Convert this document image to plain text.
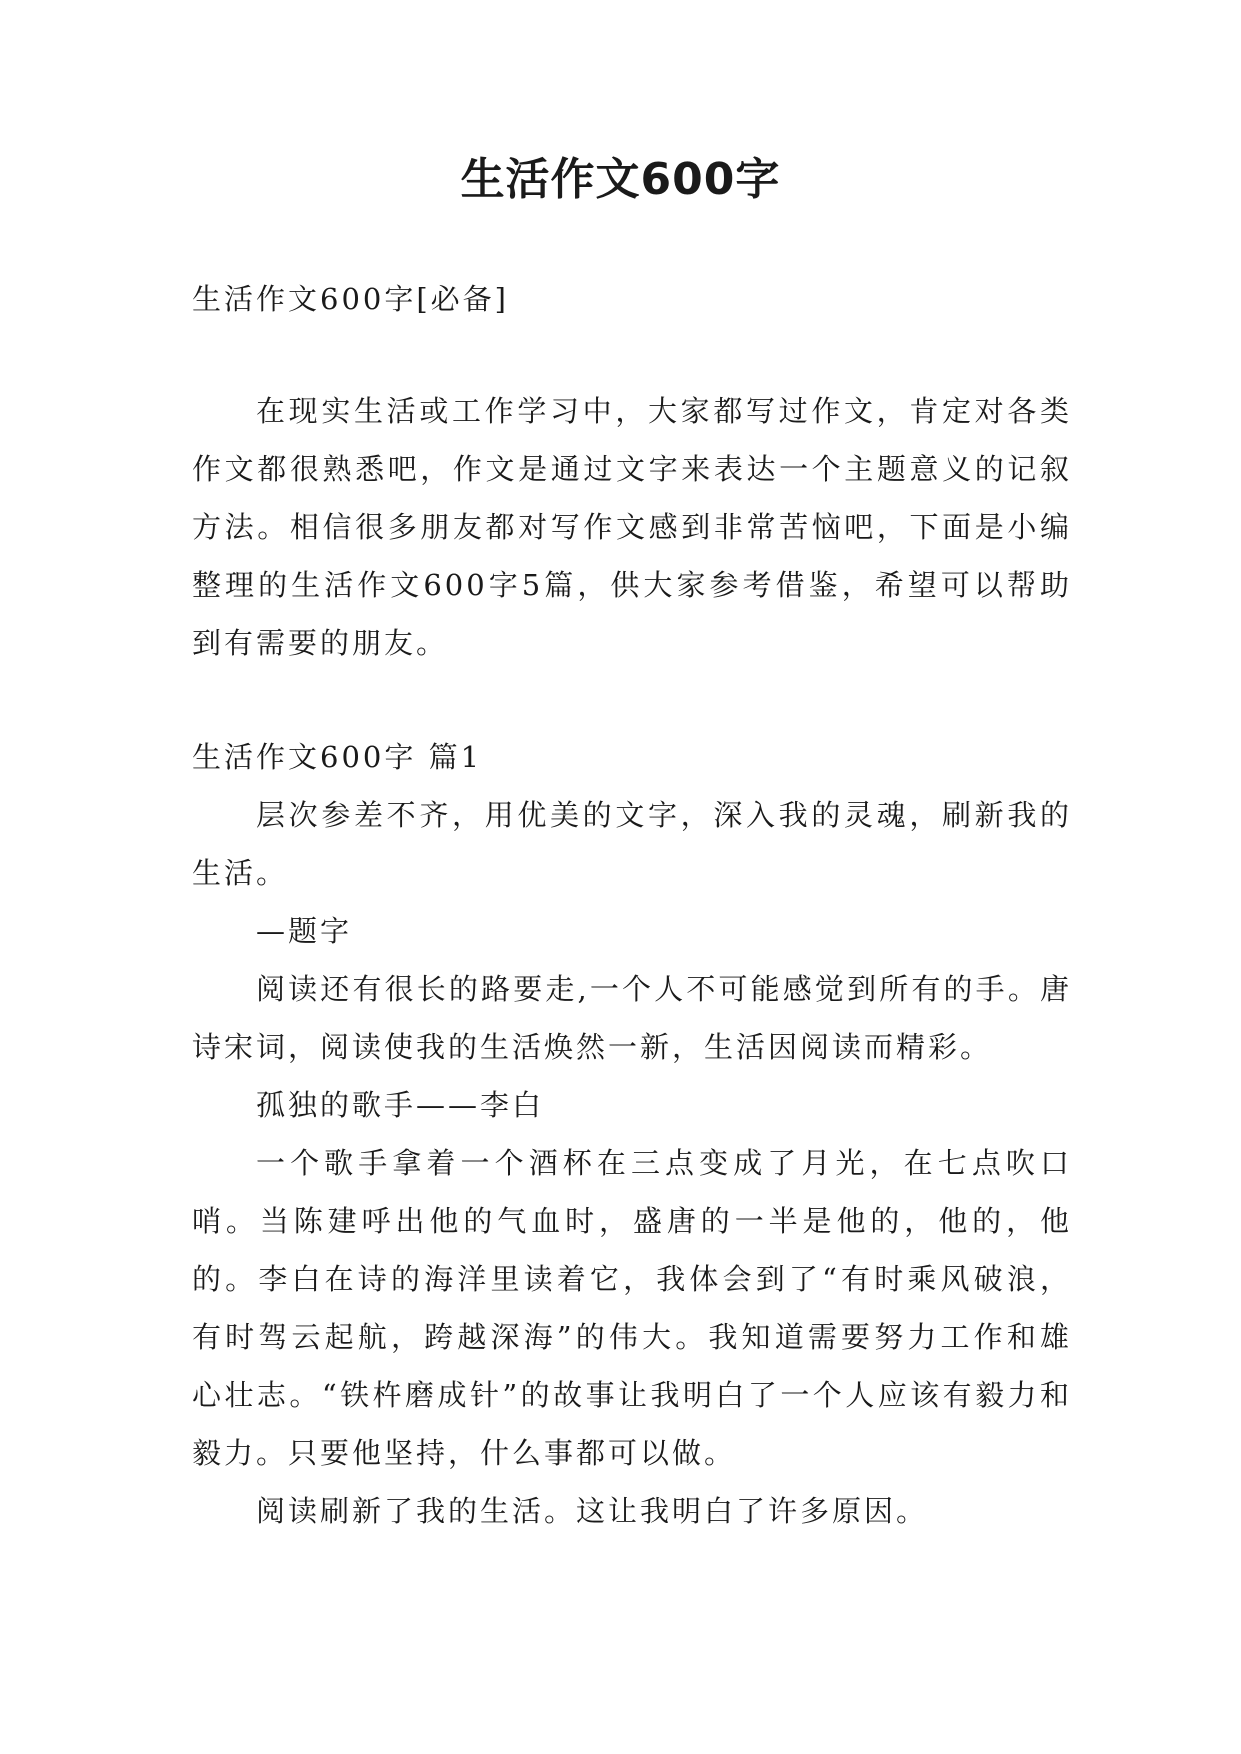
生活作文600字

生活作文600字[必备]

在现实生活或工作学习中，大家都写过作文，肯定对各类作文都很熟悉吧，作文是通过文字来表达一个主题意义的记叙方法。相信很多朋友都对写作文感到非常苦恼吧，下面是小编整理的生活作文600字5篇，供大家参考借鉴，希望可以帮助到有需要的朋友。

生活作文600字 篇1

层次参差不齐，用优美的文字，深入我的灵魂，刷新我的生活。

—题字

阅读还有很长的路要走,一个人不可能感觉到所有的手。唐诗宋词，阅读使我的生活焕然一新，生活因阅读而精彩。

孤独的歌手——李白

一个歌手拿着一个酒杯在三点变成了月光，在七点吹口哨。当陈建呼出他的气血时，盛唐的一半是他的，他的，他的。李白在诗的海洋里读着它，我体会到了“有时乘风破浪，有时驾云起航，跨越深海”的伟大。我知道需要努力工作和雄心壮志。“铁杵磨成针”的故事让我明白了一个人应该有毅力和毅力。只要他坚持，什么事都可以做。

阅读刷新了我的生活。这让我明白了许多原因。
